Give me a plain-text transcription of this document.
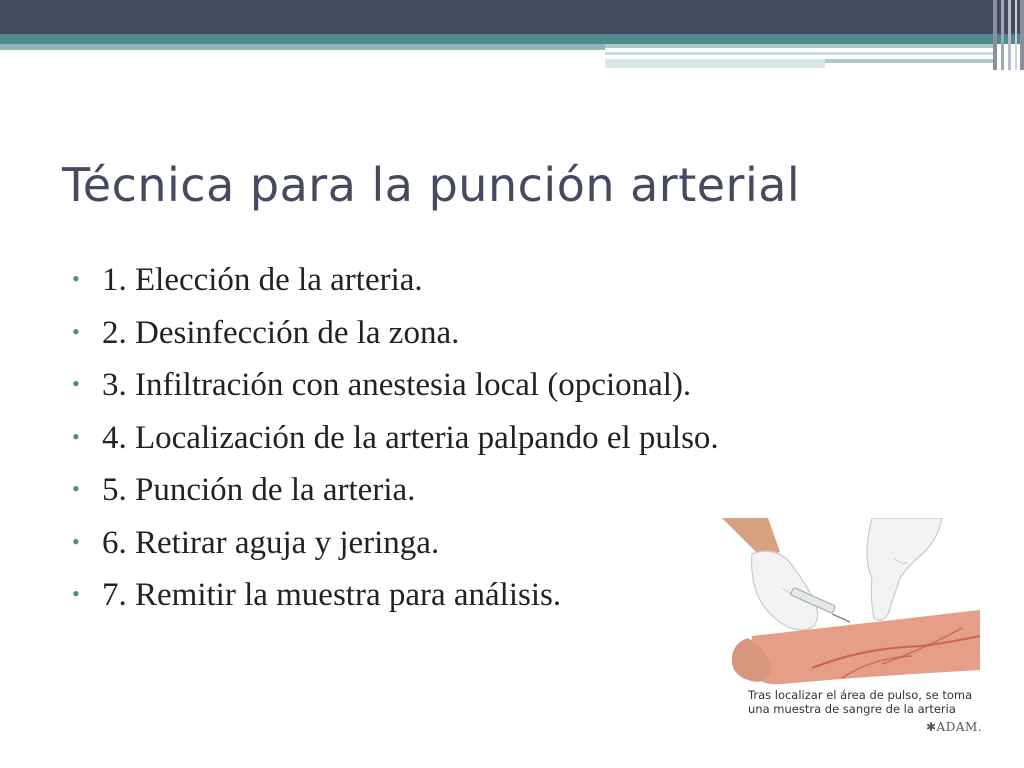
Técnica para la punción arterial
• 1. Elección de la arteria.
• 2. Desinfección de la zona.
• 3. Infiltración con anestesia local (opcional).
• 4. Localización de la arteria palpando el pulso.
• 5. Punción de la arteria.
• 6. Retirar aguja y jeringa.
• 7. Remitir la muestra para análisis.

Tras localizar el área de pulso, se toma
una muestra de sangre de la arteria

✱ADAM.
